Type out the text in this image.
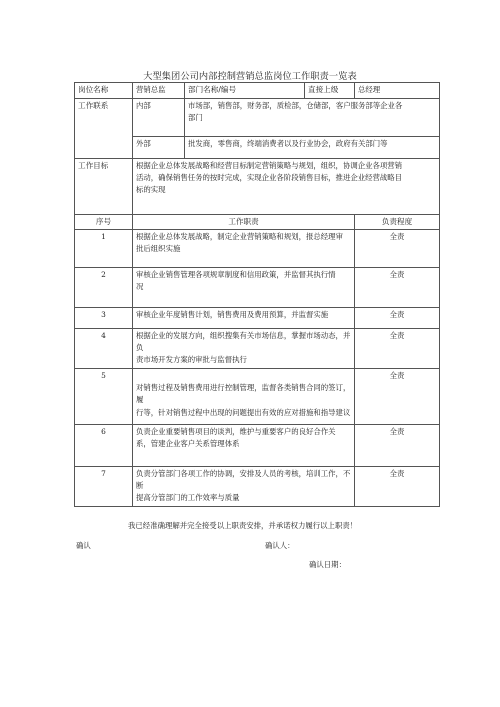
大型集团公司内部控制营销总监岗位工作职责一览表
岗位名称	营销总监	部门名称/编号	直接上级	总经理
工作联系	内部	市场部，销售部，财务部，质检部，仓储部，客户服务部等企业各
部门		

	外部	批发商，零售商，终端消费者以及行业协会，政府有关部门等		

工作目标	根据企业总体发展战略和经营目标制定营销策略与规划，组织，协调企业各项营销
活动，确保销售任务的按时完成，实现企业各阶段销售目标，推进企业经营战略目
标的实现			

序号	工作职责			负责程度
1	根据企业总体发展战略，制定企业营销策略和规划，报总经理审
批后组织实施			全责
2	审核企业销售管理各项规章制度和信用政策，并监督其执行情
况			全责
3	审核企业年度销售计划，销售费用及费用预算，并监督实施			全责
4	根据企业的发展方向，组织搜集有关市场信息，掌握市场动态，并负
责市场开发方案的审批与监督执行			全责
5	对销售过程及销售费用进行控制管理，监督各类销售合同的签订，履
行等，针对销售过程中出现的问题提出有效的应对措施和指导建议			全责
6	负责企业重要销售项目的谈判，维护与重要客户的良好合作关
系，管建企业客户关系管理体系			全责
7	负责分管部门各项工作的协调，安排及人员的考核，培训工作，不断
提高分管部门的工作效率与质量			全责
我已经准确理解并完全接受以上职责安排，并承诺权力履行以上职责！
确认	确认人：
确认日期：
